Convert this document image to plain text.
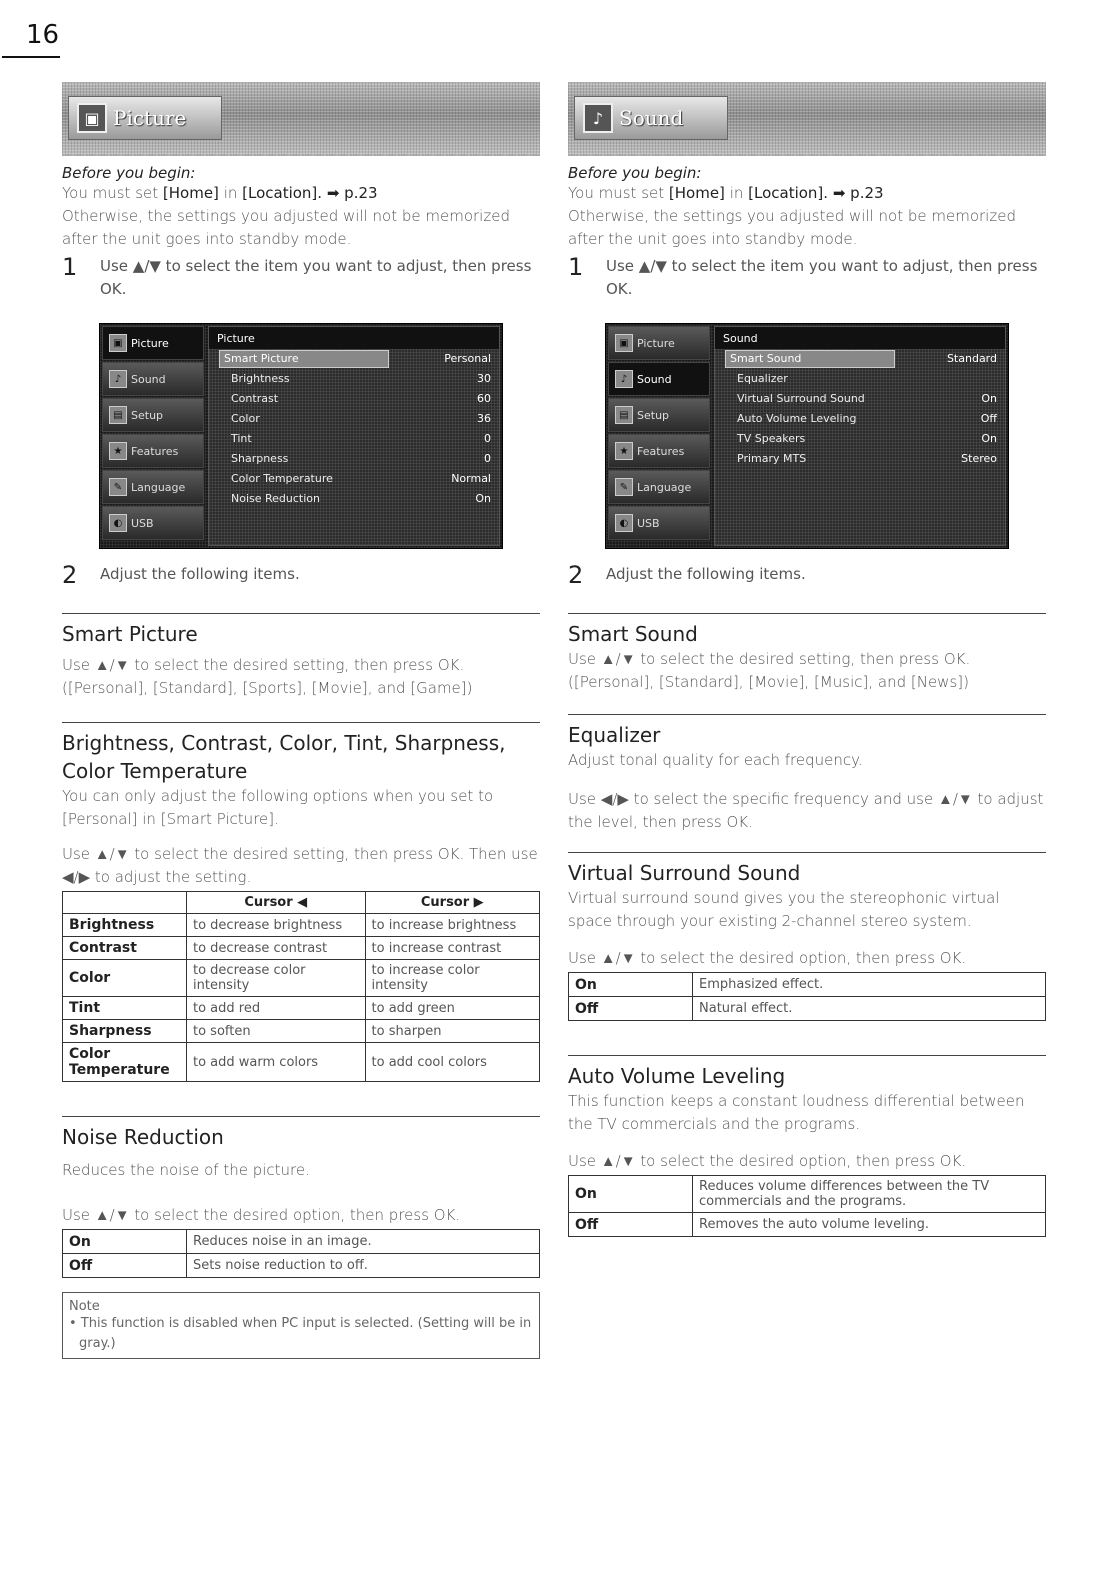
16
▣ Picture
Before you begin:
You must set [Home] in [Location]. ➡ p.23
Otherwise, the settings you adjusted will not be memorized after the unit goes into standby mode.
1	Use ▲/▼ to select the item you want to adjust, then press OK.
▣ Picture
♪ Sound
▤ Setup
★ Features
✎ Language
◐ USB
Picture
Smart Picture	Personal
Brightness	30
Contrast	60
Color	36
Tint	0
Sharpness	0
Color Temperature	Normal
Noise Reduction	On
2	Adjust the following items.
Smart Picture
Use ▲/▼ to select the desired setting, then press OK.
([Personal], [Standard], [Sports], [Movie], and [Game])
Brightness, Contrast, Color, Tint, Sharpness, Color Temperature
You can only adjust the following options when you set to [Personal] in [Smart Picture].
Use ▲/▼ to select the desired setting, then press OK. Then use ◀/▶ to adjust the setting.
	Cursor ◀	Cursor ▶
Brightness	to decrease brightness	to increase brightness
Contrast	to decrease contrast	to increase contrast
Color	to decrease color intensity	to increase color intensity
Tint	to add red	to add green
Sharpness	to soften	to sharpen
Color Temperature	to add warm colors	to add cool colors
Noise Reduction
Reduces the noise of the picture.
Use ▲/▼ to select the desired option, then press OK.
On	Reduces noise in an image.
Off	Sets noise reduction to off.
Note
• This function is disabled when PC input is selected. (Setting will be in gray.)
♪ Sound
Before you begin:
You must set [Home] in [Location]. ➡ p.23
Otherwise, the settings you adjusted will not be memorized after the unit goes into standby mode.
1	Use ▲/▼ to select the item you want to adjust, then press OK.
▣ Picture
♪ Sound
▤ Setup
★ Features
✎ Language
◐ USB
Sound
Smart Sound	Standard
Equalizer
Virtual Surround Sound	On
Auto Volume Leveling	Off
TV Speakers	On
Primary MTS	Stereo
2	Adjust the following items.
Smart Sound
Use ▲/▼ to select the desired setting, then press OK.
([Personal], [Standard], [Movie], [Music], and [News])
Equalizer
Adjust tonal quality for each frequency.
Use ◀/▶ to select the specific frequency and use ▲/▼ to adjust the level, then press OK.
Virtual Surround Sound
Virtual surround sound gives you the stereophonic virtual space through your existing 2-channel stereo system.
Use ▲/▼ to select the desired option, then press OK.
On	Emphasized effect.
Off	Natural effect.
Auto Volume Leveling
This function keeps a constant loudness differential between the TV commercials and the programs.
Use ▲/▼ to select the desired option, then press OK.
On	Reduces volume differences between the TV commercials and the programs.
Off	Removes the auto volume leveling.
